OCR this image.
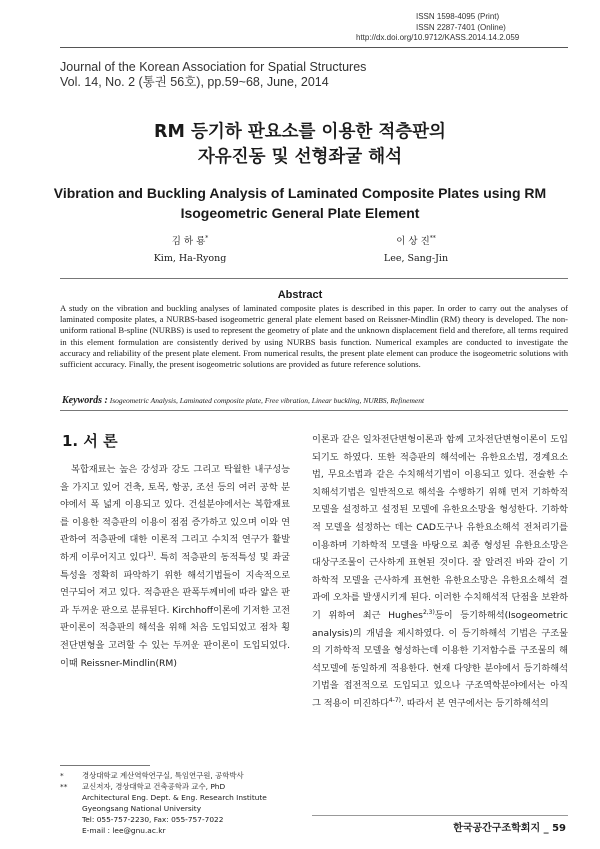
ISSN 1598-4095 (Print)
ISSN 2287-7401 (Online)
http://dx.doi.org/10.9712/KASS.2014.14.2.059
Journal of the Korean Association for Spatial Structures
Vol. 14, No. 2 (통권 56호), pp.59~68, June, 2014
RM 등기하 판요소를 이용한 적층판의
자유진동 및 선형좌굴 해석
Vibration and Buckling Analysis of Laminated Composite Plates using RM
Isogeometric General Plate Element
김 하 룡*
Kim, Ha-Ryong
이 상 진**
Lee, Sang-Jin
Abstract
A study on the vibration and buckling analyses of laminated composite plates is described in this paper. In order to carry out the analyses of laminated composite plates, a NURBS-based isogeometric general plate element based on Reissner-Mindlin (RM) theory is developed. The non-uniform rational B-spline (NURBS) is used to represent the geometry of plate and the unknown displacement field and therefore, all terms required in this element formulation are consistently derived by using NURBS basis function. Numerical examples are conducted to investigate the accuracy and reliability of the present plate element. From numerical results, the present plate element can produce the isogeometric solutions with sufficient accuracy. Finally, the present isogeometric solutions are provided as future reference solutions.
Keywords : Isogeometric Analysis, Laminated composite plate, Free vibration, Linear buckling, NURBS, Refinement
1. 서 론

복합재료는 높은 강성과 강도 그리고 탁월한 내구성능을 가지고 있어 건축, 토목, 항공, 조선 등의 여러 공학 분야에서 폭 넓게 이용되고 있다. 건설분야에서는 복합재료를 이용한 적층판의 이용이 점점 증가하고 있으며 이와 연관하여 적층판에 대한 이론적 그리고 수치적 연구가 활발하게 이루어지고 있다$^{1)}$. 특히 적층판의 동적특성 및 좌굴특성을 정확히 파악하기 위한 해석기법들이 지속적으로 연구되어 져고 있다. 적층판은 판폭두께비에 따라 얇은 판과 두꺼운 판으로 분류된다. Kirchhoff이론에 기저한 고전판이론이 적층판의 해석을 위해 처음 도입되었고 점차 횡전단변형을 고려할 수 있는 두꺼운 판이론이 도입되었다. 이때 Reissner-Mindlin(RM)

이론과 같은 일차전단변형이론과 함께 고차전단변형이론이 도입되기도 하였다. 또한 적층판의 해석에는 유한요소법, 경계요소법, 무요소법과 같은 수치해석기법이 이용되고 있다. 전술한 수치해석기법은 일반적으로 해석을 수행하기 위해 먼저 기하학적 모델을 설정하고 설정된 모델에 유한요소망을 형성한다. 기하학적 모델을 설정하는 데는 CAD도구나 유한요소해석 전처리기를 이용하며 기하학적 모델을 바탕으로 최종 형성된 유한요소망은 대상구조물이 근사하게 표현된 것이다. 잘 알려진 바와 같이 기하학적 모델을 근사하게 표현한 유한요소망은 유한요소해석 결과에 오차를 발생시키게 된다. 이러한 수치해석적 단점을 보완하기 위하여 최근 Hughes$^{2,3)}$등이 등기하해석(Isogeometric analysis)의 개념을 제시하였다. 이 등기하해석 기법은 구조물의 기하학적 모델을 형성하는데 이용한 기저함수를 구조물의 해석모델에 동일하게 적용한다. 현재 다양한 분야에서 등기하해석기법을 접전적으로 도입되고 있으나 구조역학분야에서는 아직 그 적용이 미진하다$^{4-7)}$. 따라서 본 연구에서는 등기하해석의

* 경상대학교 계산역학연구실, 특임연구원, 공학박사
** 교신저자, 경상대학교 건축공학과 교수, PhD
Architectural Eng. Dept. & Eng. Research Institute
Gyeongsang National University
Tel: 055-757-2230, Fax: 055-757-7022
E-mail : lee@gnu.ac.kr	한국공간구조학회지 _ 59
